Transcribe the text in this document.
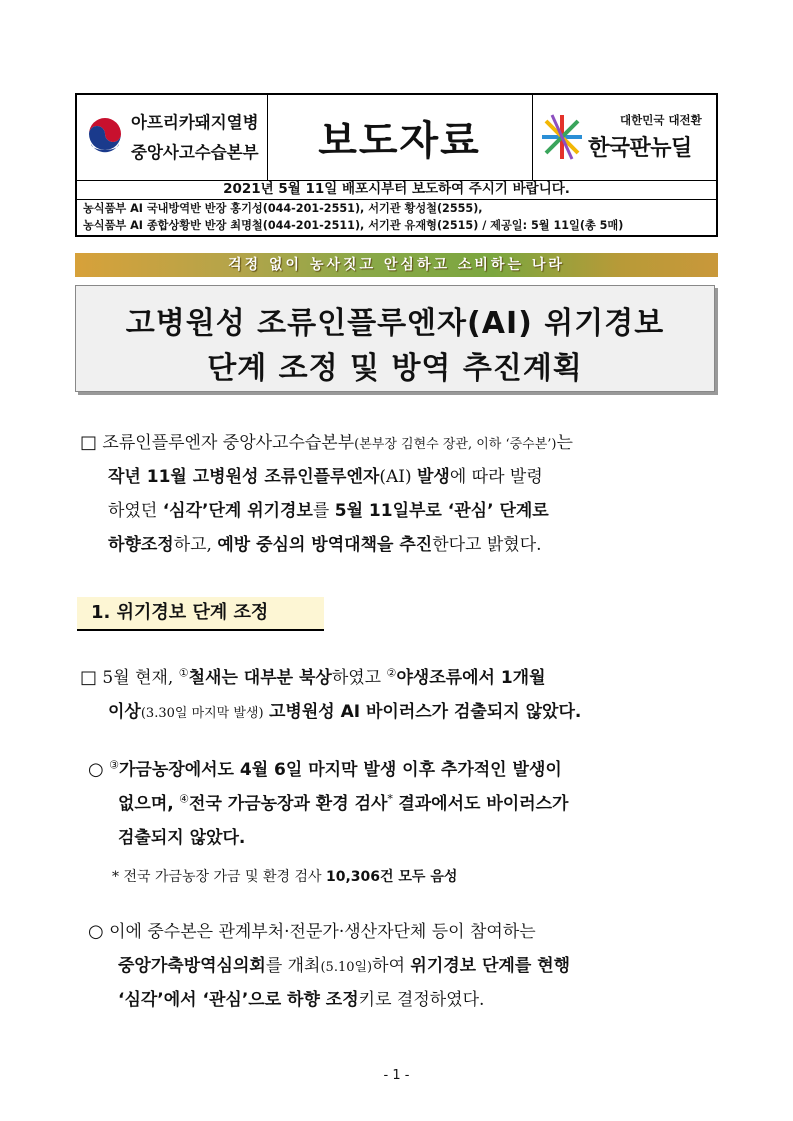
아프리카돼지열병
중앙사고수습본부 보도자료	대한민국 대전환
한국판뉴딜
2021년 5월 11일 배포시부터 보도하여 주시기 바랍니다.
농식품부 AI 국내방역반 반장 홍기성(044-201-2551), 서기관 황성철(2555),
농식품부 AI 종합상황반 반장 최명철(044-201-2511), 서기관 유재형(2515) / 제공일: 5월 11일(총 5매)
걱정 없이 농사짓고 안심하고 소비하는 나라
고병원성 조류인플루엔자(AI) 위기경보
단계 조정 및 방역 추진계획
□ 조류인플루엔자 중앙사고수습본부(본부장 김현수 장관, 이하 ‘중수본’)는
작년 11월 고병원성 조류인플루엔자(AI) 발생에 따라 발령
하였던 ‘심각’단계 위기경보를 5월 11일부로 ‘관심’ 단계로
하향조정하고, 예방 중심의 방역대책을 추진한다고 밝혔다.
1. 위기경보 단계 조정
□ 5월 현재, ①철새는 대부분 북상하였고 ②야생조류에서 1개월
이상(3.30일 마지막 발생) 고병원성 AI 바이러스가 검출되지 않았다.
○ ③가금농장에서도 4월 6일 마지막 발생 이후 추가적인 발생이
없으며, ④전국 가금농장과 환경 검사* 결과에서도 바이러스가
검출되지 않았다.
* 전국 가금농장 가금 및 환경 검사 10,306건 모두 음성
○ 이에 중수본은 관계부처·전문가·생산자단체 등이 참여하는
중앙가축방역심의회를 개최(5.10일)하여 위기경보 단계를 현행
‘심각’에서 ‘관심’으로 하향 조정키로 결정하였다.
- 1 -
